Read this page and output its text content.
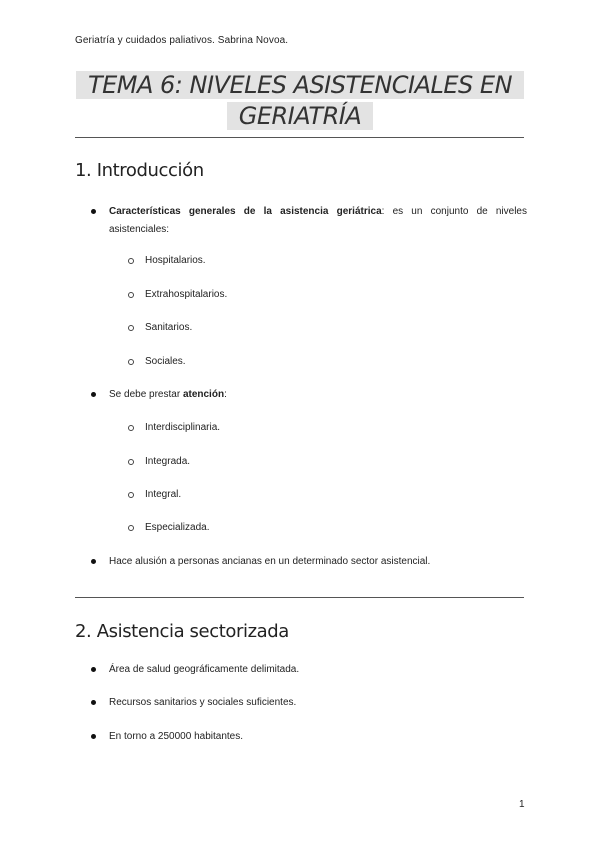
Geriatría y cuidados paliativos. Sabrina Novoa.
TEMA 6: NIVELES ASISTENCIALES EN
GERIATRÍA
1. Introducción
Características generales de la asistencia geriátrica: es un conjunto de niveles asistenciales:
Hospitalarios.
Extrahospitalarios.
Sanitarios.
Sociales.
Se debe prestar atención:
Interdisciplinaria.
Integrada.
Integral.
Especializada.
Hace alusión a personas ancianas en un determinado sector asistencial.
2. Asistencia sectorizada
Área de salud geográficamente delimitada.
Recursos sanitarios y sociales suficientes.
En torno a 250000 habitantes.
1
